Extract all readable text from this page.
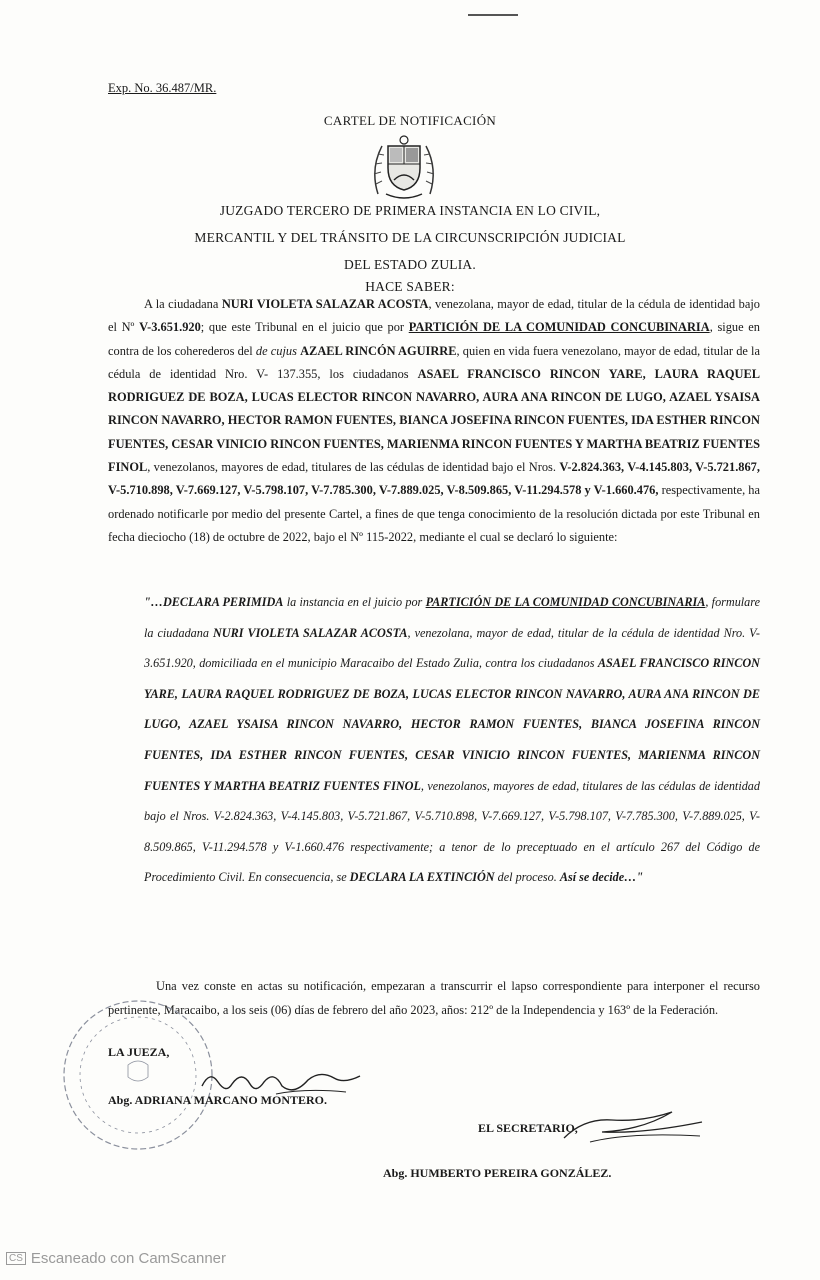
Exp. No. 36.487/MR.
CARTEL DE NOTIFICACIÓN
JUZGADO TERCERO DE PRIMERA INSTANCIA EN LO CIVIL,
MERCANTIL Y DEL TRÁNSITO DE LA CIRCUNSCRIPCIÓN JUDICIAL
DEL ESTADO ZULIA.
HACE SABER:
A la ciudadana NURI VIOLETA SALAZAR ACOSTA, venezolana, mayor de edad, titular de la cédula de identidad bajo el Nº V-3.651.920; que este Tribunal en el juicio que por PARTICIÓN DE LA COMUNIDAD CONCUBINARIA, sigue en contra de los coherederos del de cujus AZAEL RINCÓN AGUIRRE, quien en vida fuera venezolano, mayor de edad, titular de la cédula de identidad Nro. V- 137.355, los ciudadanos ASAEL FRANCISCO RINCON YARE, LAURA RAQUEL RODRIGUEZ DE BOZA, LUCAS ELECTOR RINCON NAVARRO, AURA ANA RINCON DE LUGO, AZAEL YSAISA RINCON NAVARRO, HECTOR RAMON FUENTES, BIANCA JOSEFINA RINCON FUENTES, IDA ESTHER RINCON FUENTES, CESAR VINICIO RINCON FUENTES, MARIENMA RINCON FUENTES Y MARTHA BEATRIZ FUENTES FINOL, venezolanos, mayores de edad, titulares de las cédulas de identidad bajo el Nros. V-2.824.363, V-4.145.803, V-5.721.867, V-5.710.898, V-7.669.127, V-5.798.107, V-7.785.300, V-7.889.025, V-8.509.865, V-11.294.578 y V-1.660.476, respectivamente, ha ordenado notificarle por medio del presente Cartel, a fines de que tenga conocimiento de la resolución dictada por este Tribunal en fecha dieciocho (18) de octubre de 2022, bajo el Nº 115-2022, mediante el cual se declaró lo siguiente:
"…DECLARA PERIMIDA la instancia en el juicio por PARTICIÓN DE LA COMUNIDAD CONCUBINARIA, formulare la ciudadana NURI VIOLETA SALAZAR ACOSTA, venezolana, mayor de edad, titular de la cédula de identidad Nro. V- 3.651.920, domiciliada en el municipio Maracaibo del Estado Zulia, contra los ciudadanos ASAEL FRANCISCO RINCON YARE, LAURA RAQUEL RODRIGUEZ DE BOZA, LUCAS ELECTOR RINCON NAVARRO, AURA ANA RINCON DE LUGO, AZAEL YSAISA RINCON NAVARRO, HECTOR RAMON FUENTES, BIANCA JOSEFINA RINCON FUENTES, IDA ESTHER RINCON FUENTES, CESAR VINICIO RINCON FUENTES, MARIENMA RINCON FUENTES Y MARTHA BEATRIZ FUENTES FINOL, venezolanos, mayores de edad, titulares de las cédulas de identidad bajo el Nros. V-2.824.363, V-4.145.803, V-5.721.867, V-5.710.898, V-7.669.127, V-5.798.107, V-7.785.300, V-7.889.025, V-8.509.865, V-11.294.578 y V-1.660.476 respectivamente; a tenor de lo preceptuado en el artículo 267 del Código de Procedimiento Civil. En consecuencia, se DECLARA LA EXTINCIÓN del proceso. Así se decide…"
Una vez conste en actas su notificación, empezaran a transcurrir el lapso correspondiente para interponer el recurso pertinente, Maracaibo, a los seis (06) días de febrero del año 2023, años: 212º de la Independencia y 163º de la Federación.
LA JUEZA,
Abg. ADRIANA MARCANO MONTERO.
EL SECRETARIO,
Abg. HUMBERTO PEREIRA GONZÁLEZ.
CS Escaneado con CamScanner
